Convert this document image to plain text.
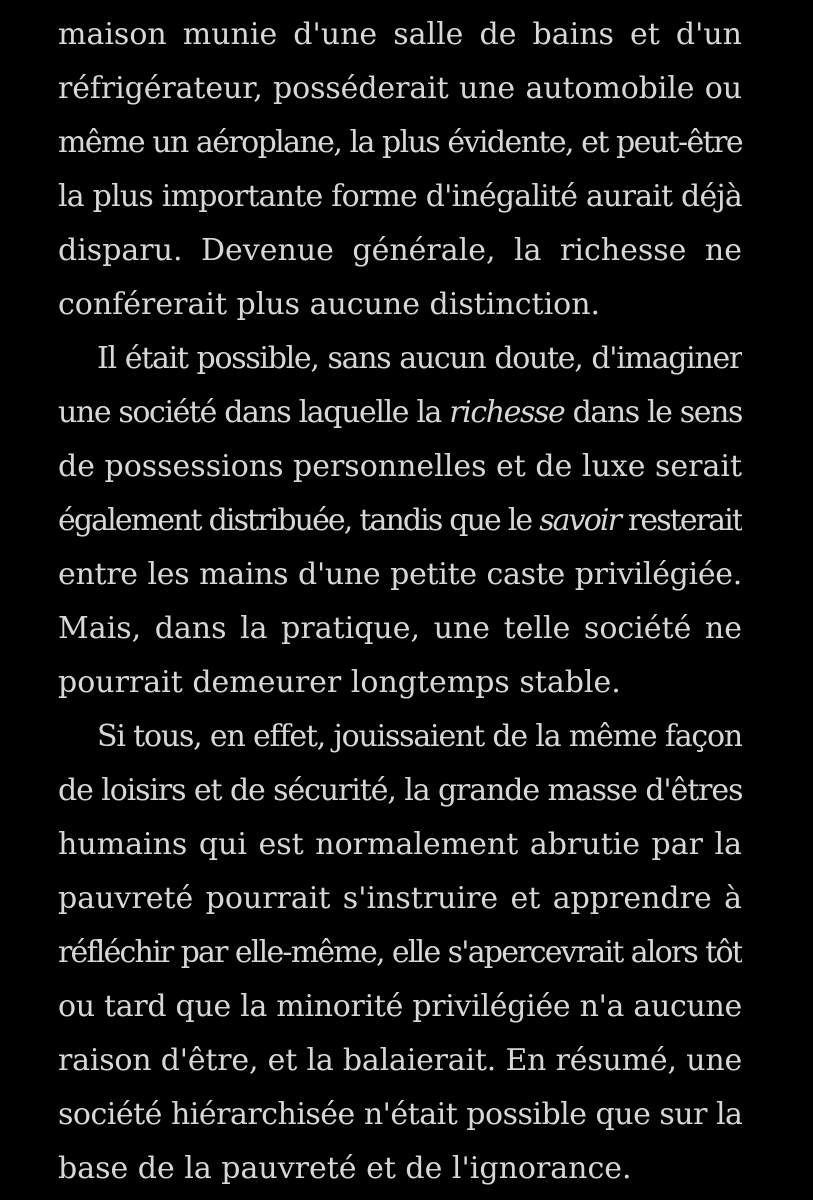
maison munie d'une salle de bains et d'un
réfrigérateur, posséderait une automobile ou
même un aéroplane, la plus évidente, et peut-être
la plus importante forme d'inégalité aurait déjà
disparu. Devenue générale, la richesse ne
conférerait plus aucune distinction.

Il était possible, sans aucun doute, d'imaginer
une société dans laquelle la richesse dans le sens
de possessions personnelles et de luxe serait
également distribuée, tandis que le savoir resterait
entre les mains d'une petite caste privilégiée.
Mais, dans la pratique, une telle société ne
pourrait demeurer longtemps stable.

Si tous, en effet, jouissaient de la même façon
de loisirs et de sécurité, la grande masse d'êtres
humains qui est normalement abrutie par la
pauvreté pourrait s'instruire et apprendre à
réfléchir par elle-même, elle s'apercevrait alors tôt
ou tard que la minorité privilégiée n'a aucune
raison d'être, et la balaierait. En résumé, une
société hiérarchisée n'était possible que sur la
base de la pauvreté et de l'ignorance.
